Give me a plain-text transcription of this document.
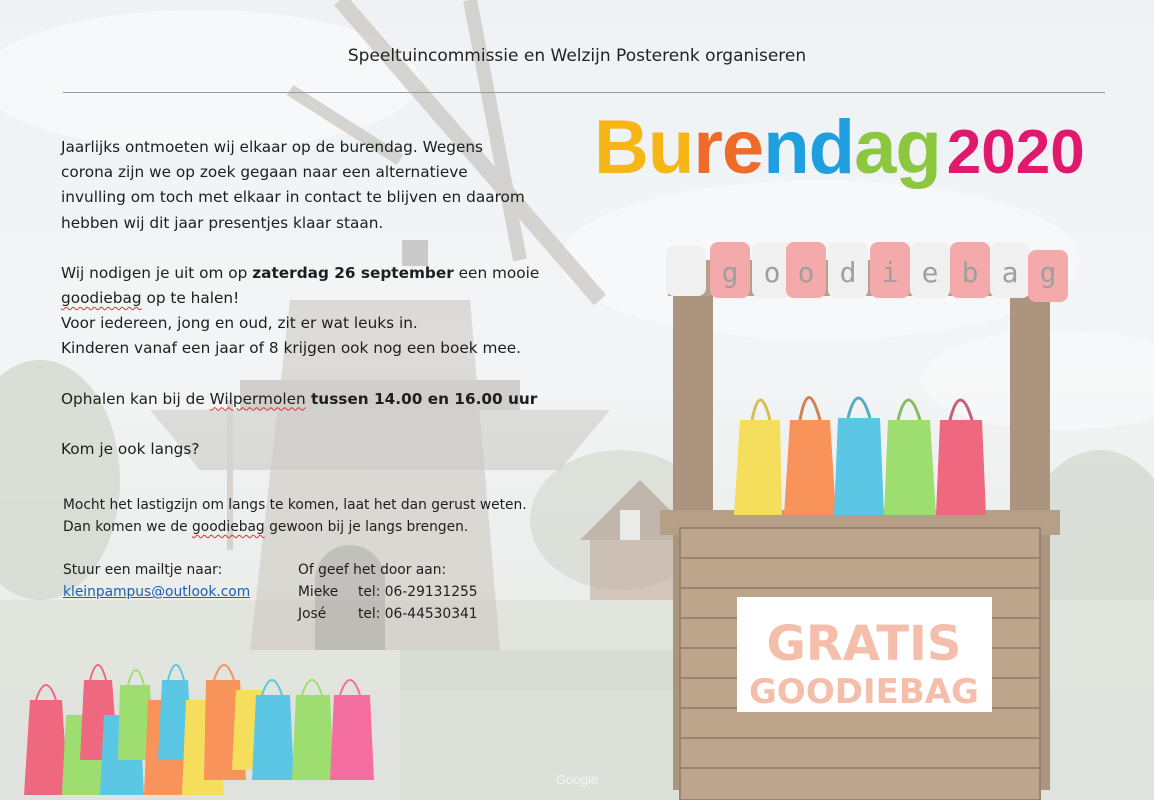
g o o d i e b a g
GRATIS
GOODIEBAG
Speeltuincommissie en Welzijn Posterenk organiseren
Burendag2020

Jaarlijks ontmoeten wij elkaar op de burendag. Wegens

corona zijn we op zoek gegaan naar een alternatieve

invulling om toch met elkaar in contact te blijven en daarom

hebben wij dit jaar presentjes klaar staan.

Wij nodigen je uit om op zaterdag 26 september een mooie

goodiebag op te halen!

Voor iedereen, jong en oud, zit er wat leuks in.

Kinderen vanaf een jaar of 8 krijgen ook nog een boek mee.

Ophalen kan bij de Wilpermolen tussen 14.00 en 16.00 uur

Kom je ook langs?

Mocht het lastigzijn om langs te komen, laat het dan gerust weten.
Dan komen we de goodiebag gewoon bij je langs brengen.
Stuur een mailtje naar:
kleinpampus@outlook.com
Of geef het door aan:
Mieke tel: 06-29131255
José tel: 06-44530341
Google
